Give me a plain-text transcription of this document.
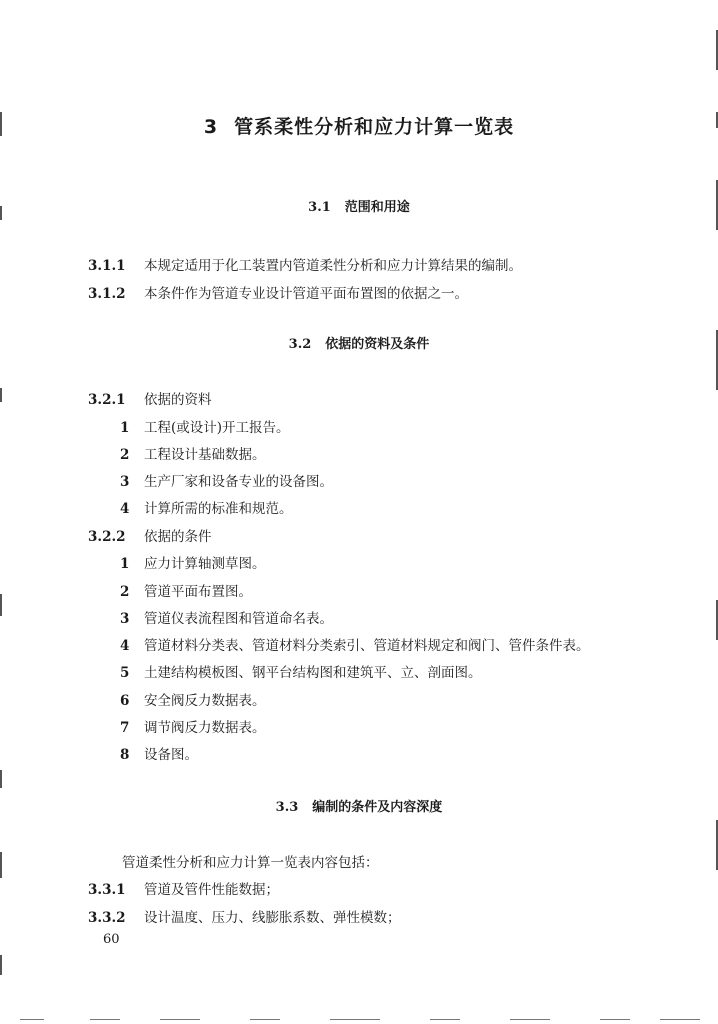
3 管系柔性分析和应力计算一览表
3.1 范围和用途
3.1.1 本规定适用于化工装置内管道柔性分析和应力计算结果的编制。
3.1.2 本条件作为管道专业设计管道平面布置图的依据之一。
3.2 依据的资料及条件
3.2.1 依据的资料
1 工程(或设计)开工报告。
2 工程设计基础数据。
3 生产厂家和设备专业的设备图。
4 计算所需的标准和规范。
3.2.2 依据的条件
1 应力计算轴测草图。
2 管道平面布置图。
3 管道仪表流程图和管道命名表。
4 管道材料分类表、管道材料分类索引、管道材料规定和阀门、管件条件表。
5 土建结构模板图、钢平台结构图和建筑平、立、剖面图。
6 安全阀反力数据表。
7 调节阀反力数据表。
8 设备图。
3.3 编制的条件及内容深度
管道柔性分析和应力计算一览表内容包括：
3.3.1 管道及管件性能数据；
3.3.2 设计温度、压力、线膨胀系数、弹性模数；
60
